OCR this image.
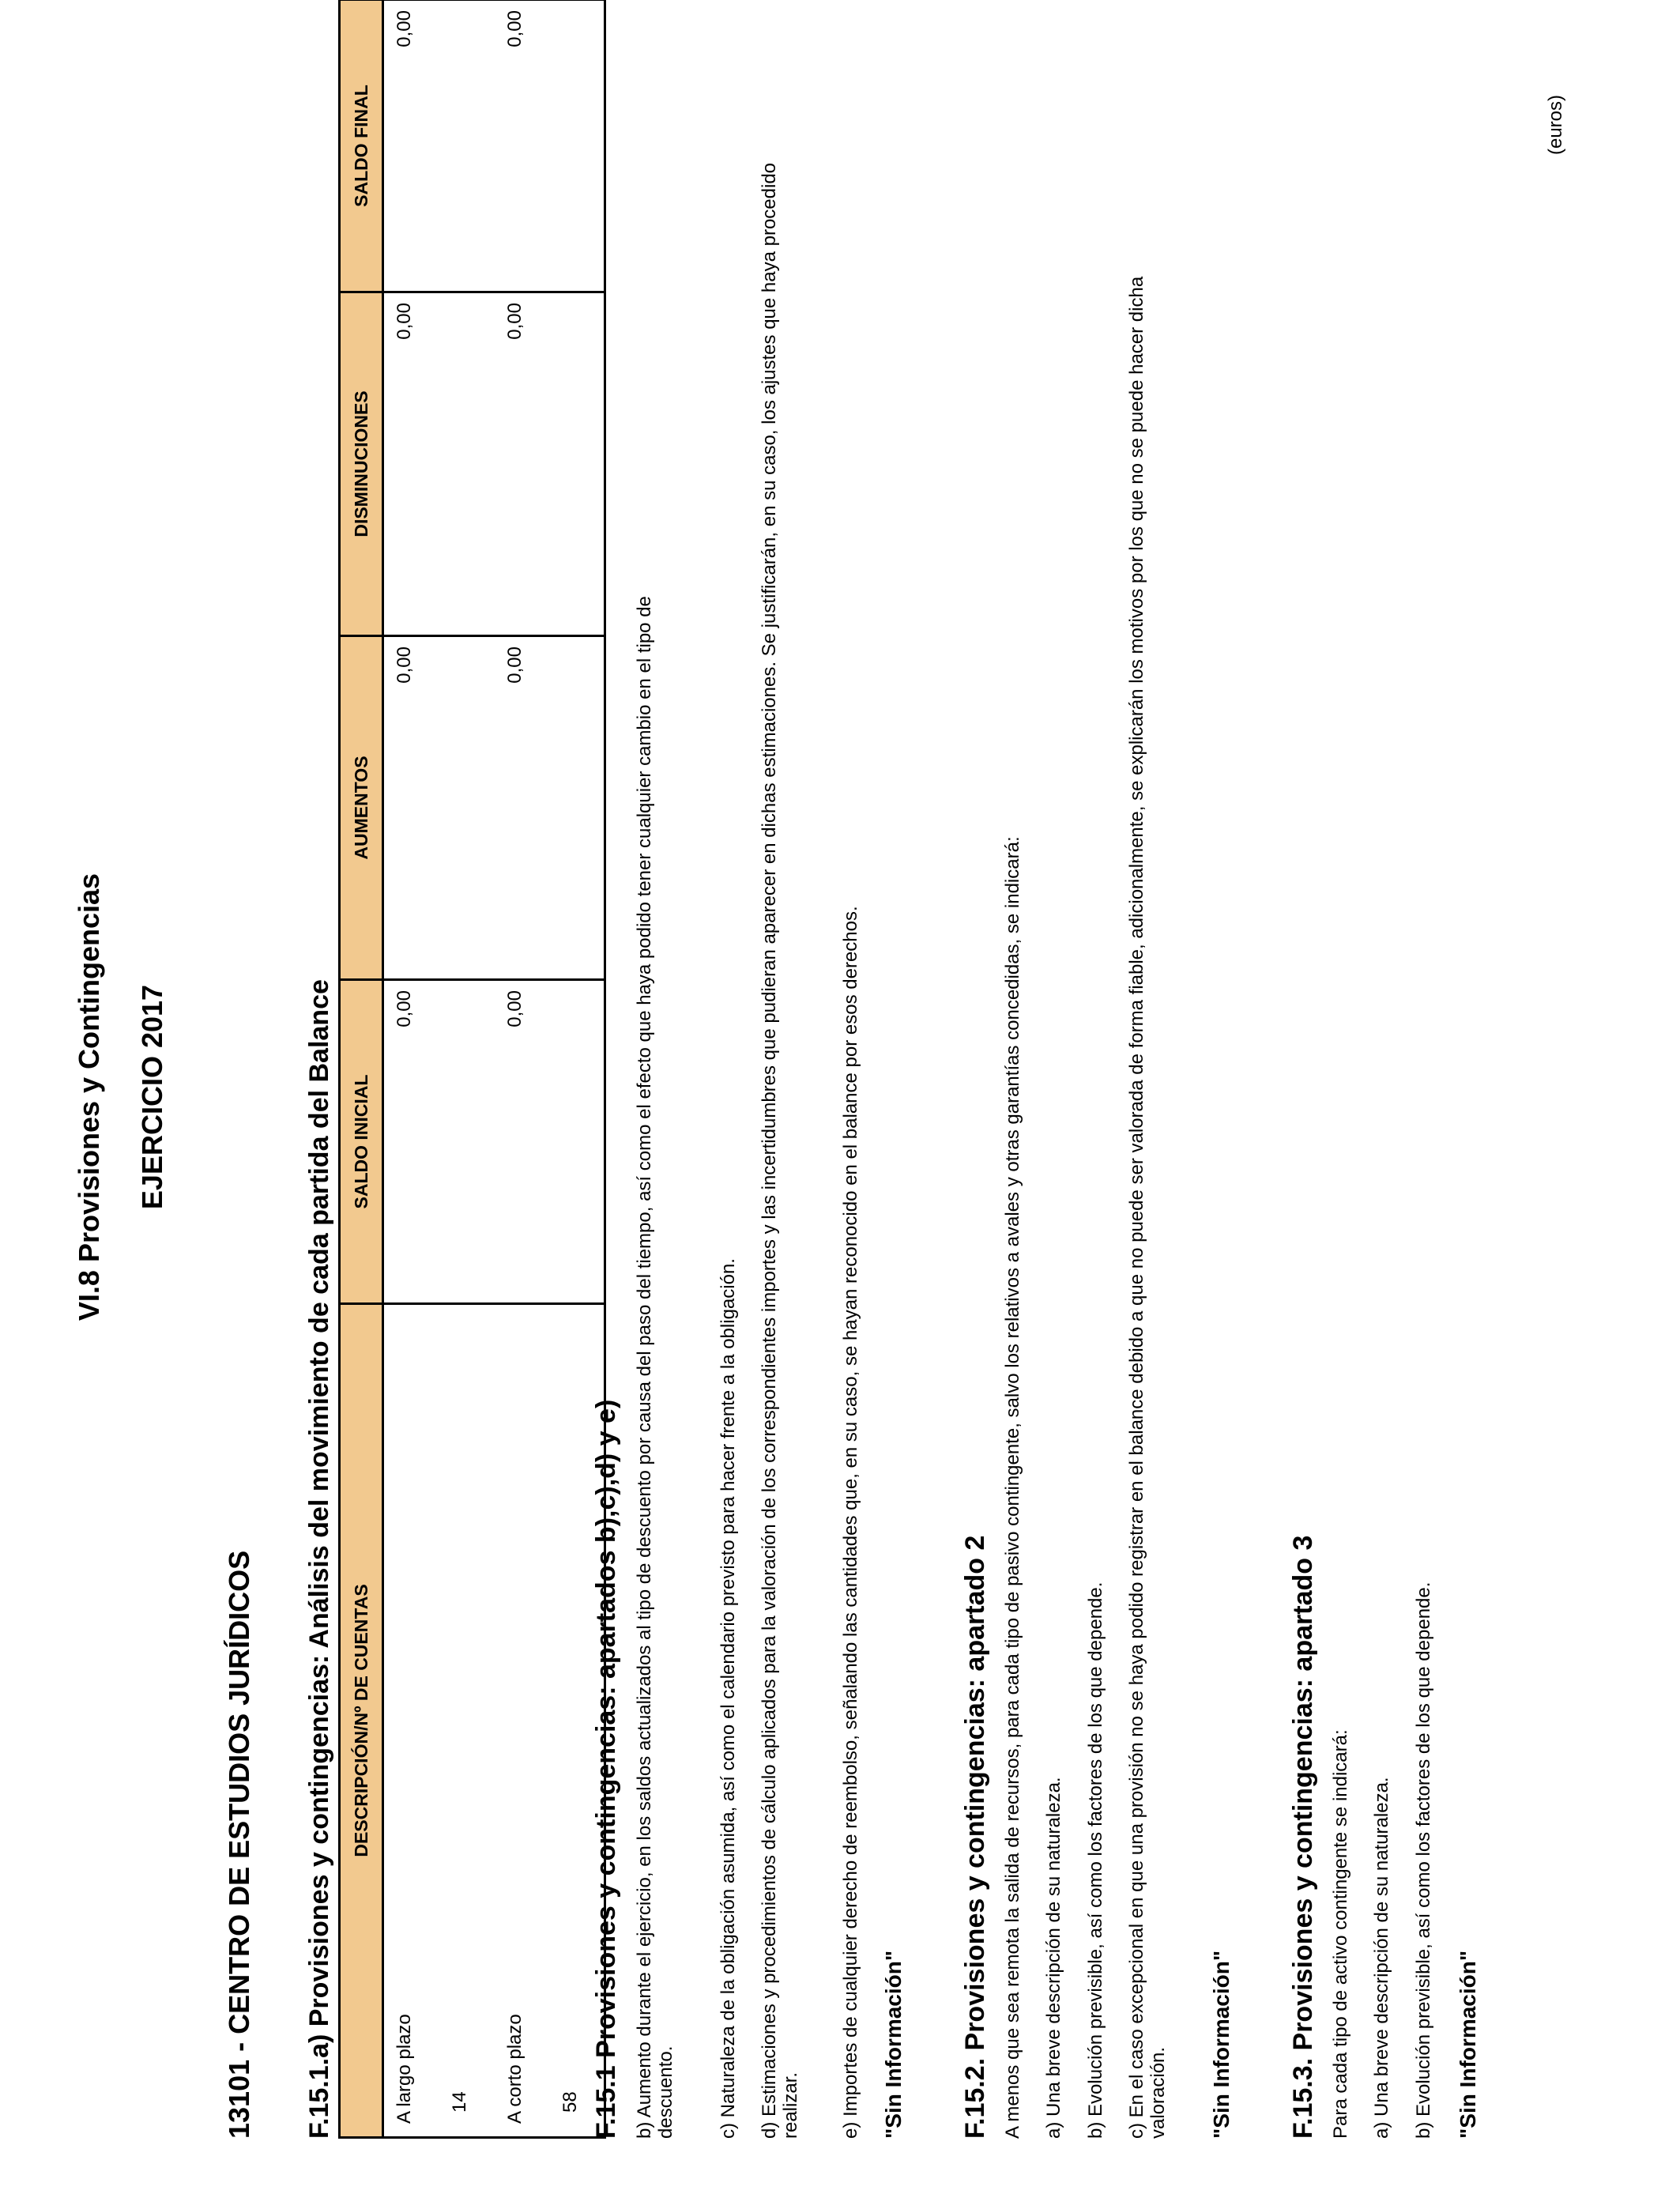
VI.8 Provisiones y Contingencias EJERCICIO 2017
13101 - CENTRO DE ESTUDIOS JURÍDICOS
(euros)
F.15.1.a) Provisiones y contingencias: Análisis del movimiento de cada partida del Balance DESCRIPCIÓN/Nº DE CUENTAS	SALDO INICIAL	AUMENTOS	DISMINUCIONES	SALDO FINAL
A largo plazo	0,00	0,00	0,00	0,00
14				
A corto plazo	0,00	0,00	0,00	0,00
58				F.15.1 Provisiones y contingencias: apartados b),c),d) y e) b) Aumento durante el ejercicio, en los saldos actualizados al tipo de descuento por causa del paso del tiempo, así como el efecto que haya podido tener cualquier cambio en el tipo de descuento. c) Naturaleza de la obligación asumida, así como el calendario previsto para hacer frente a la obligación. d) Estimaciones y procedimientos de cálculo aplicados para la valoración de los correspondientes importes y las incertidumbres que pudieran aparecer en dichas estimaciones. Se justificarán, en su caso, los ajustes que haya procedido realizar. e) Importes de cualquier derecho de reembolso, señalando las cantidades que, en su caso, se hayan reconocido en el balance por esos derechos. "Sin Información" F.15.2. Provisiones y contingencias: apartado 2 A menos que sea remota la salida de recursos, para cada tipo de pasivo contingente, salvo los relativos a avales y otras garantías concedidas, se indicará: a) Una breve descripción de su naturaleza. b) Evolución previsible, así como los factores de los que depende. c) En el caso excepcional en que una provisión no se haya podido registrar en el balance debido a que no puede ser valorada de forma fiable, adicionalmente, se explicarán los motivos por los que no se puede hacer dicha valoración. "Sin Información" F.15.3. Provisiones y contingencias: apartado 3 Para cada tipo de activo contingente se indicará: a) Una breve descripción de su naturaleza. b) Evolución previsible, así como los factores de los que depende. "Sin Información"
